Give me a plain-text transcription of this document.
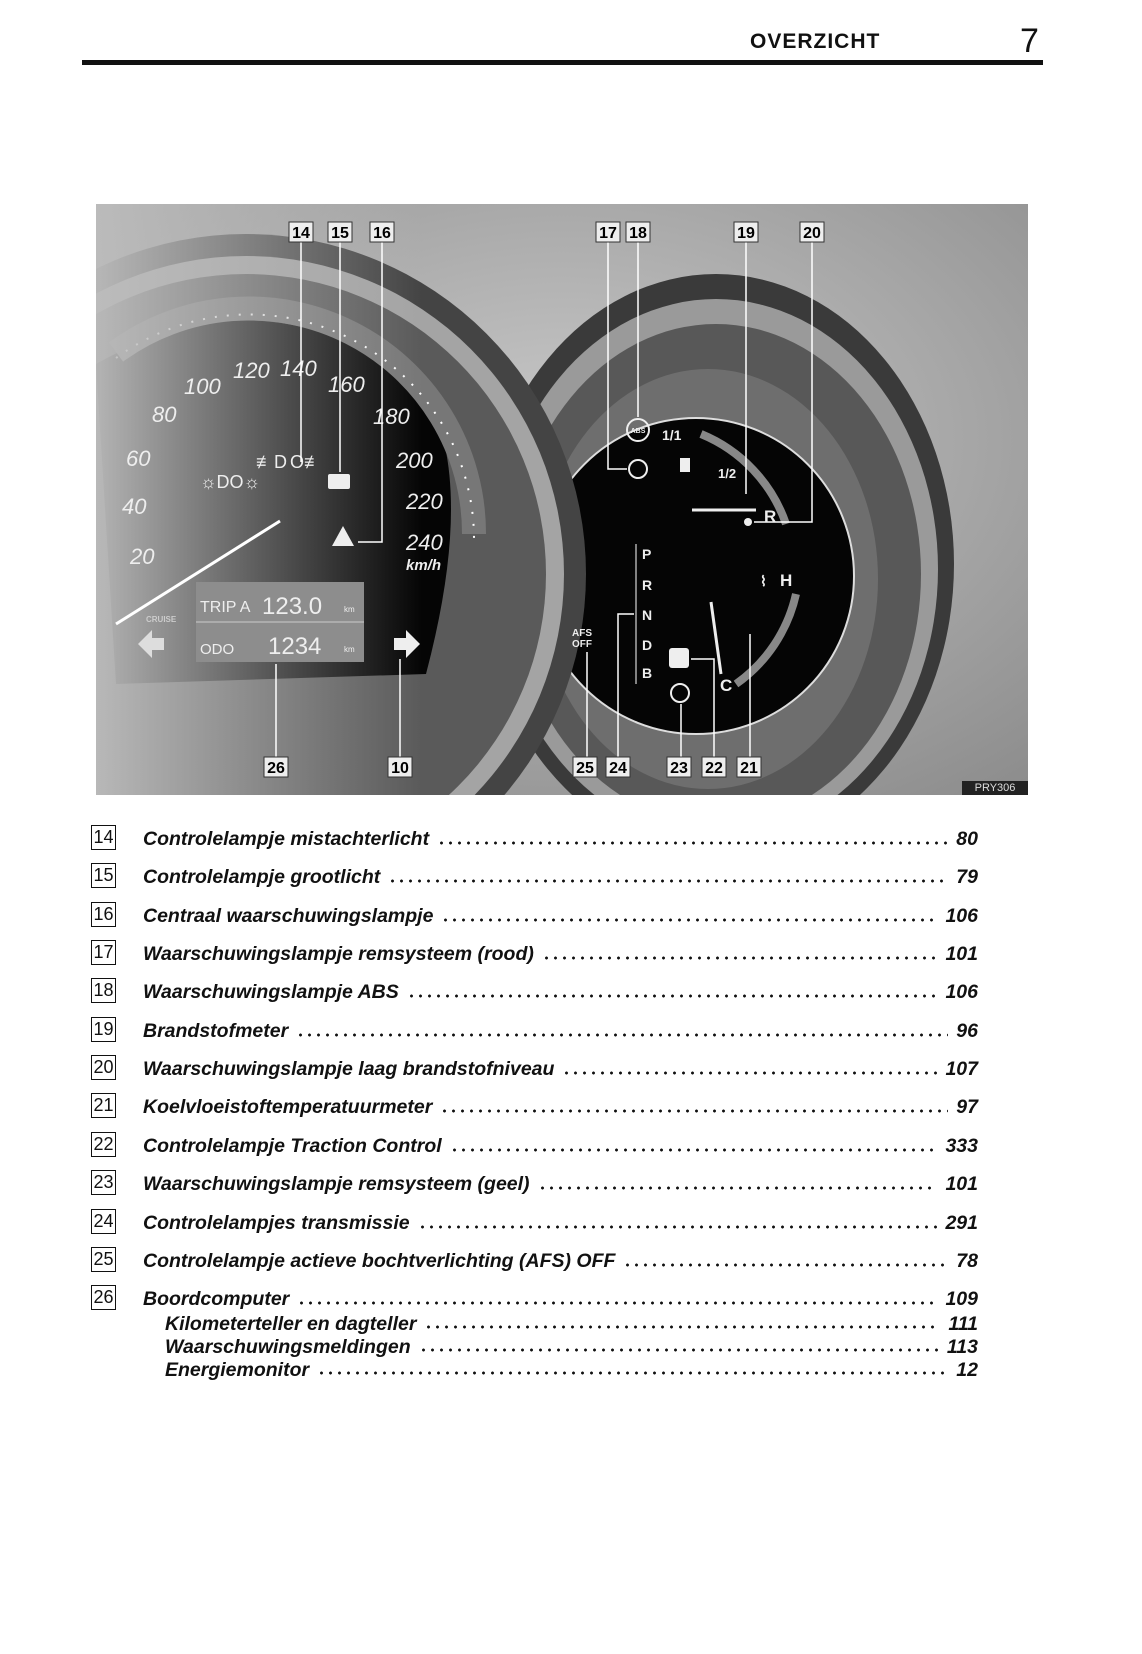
OVERZICHT	7
20
40
60
80
100
120 140
160
180
200
220
240
km/h
☼DO☼
≢D O≢
CRUISE
TRIP A 123.0	km
ODO 1234	km
1/1
1/2
R
H
⌇
C
AFS
OFF
P
R
N
D
B
ABS
14 15 16	17 18	19	20
26	10	25 24	23 22 21
PRY306
14 Controlelampje mistachterlicht	80
15 Controlelampje grootlicht	79
16 Centraal waarschuwingslampje	106
17 Waarschuwingslampje remsysteem (rood)	101
18 Waarschuwingslampje ABS	106
19 Brandstofmeter	96
20 Waarschuwingslampje laag brandstofniveau	107
21 Koelvloeistoftemperatuurmeter	97
22 Controlelampje Traction Control	333
23 Waarschuwingslampje remsysteem (geel)	101
24 Controlelampjes transmissie	291
25 Controlelampje actieve bochtverlichting (AFS) OFF	78
26 Boordcomputer	109
Kilometerteller en dagteller	111
Waarschuwingsmeldingen	113
Energiemonitor	12
